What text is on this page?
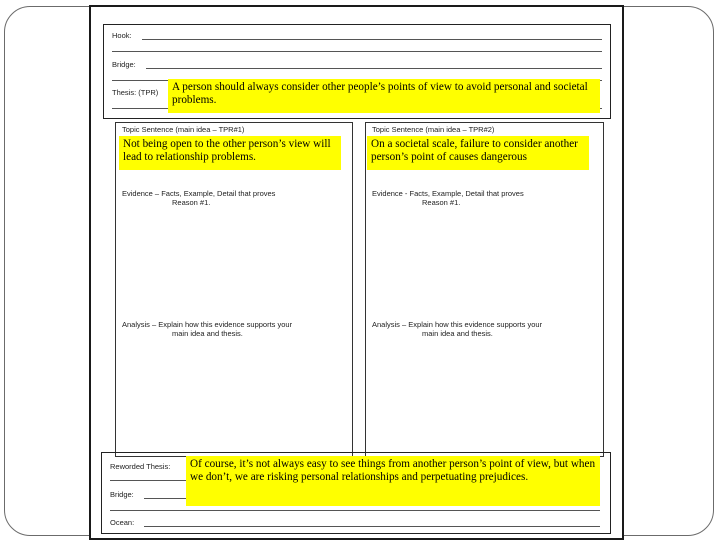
Hook:
Bridge:
Thesis: (TPR)
Topic Sentence (main idea – TPR#1)
Evidence – Facts, Example, Detail that proves
Reason #1.
Analysis – Explain how this evidence supports your
main idea and thesis.
Topic Sentence (main idea – TPR#2)
Evidence - Facts, Example, Detail that proves
Reason #1.
Analysis – Explain how this evidence supports your
main idea and thesis.
Reworded Thesis:
Bridge:
Ocean:
A person should always consider other people’s points of view to avoid personal and societal problems.
Not being open to the other person’s view will lead to relationship problems.
On a societal scale, failure to consider another person’s point of causes dangerous
Of course, it’s not always easy to see things from another person’s point of view, but when we don’t, we are risking personal relationships and perpetuating prejudices.
